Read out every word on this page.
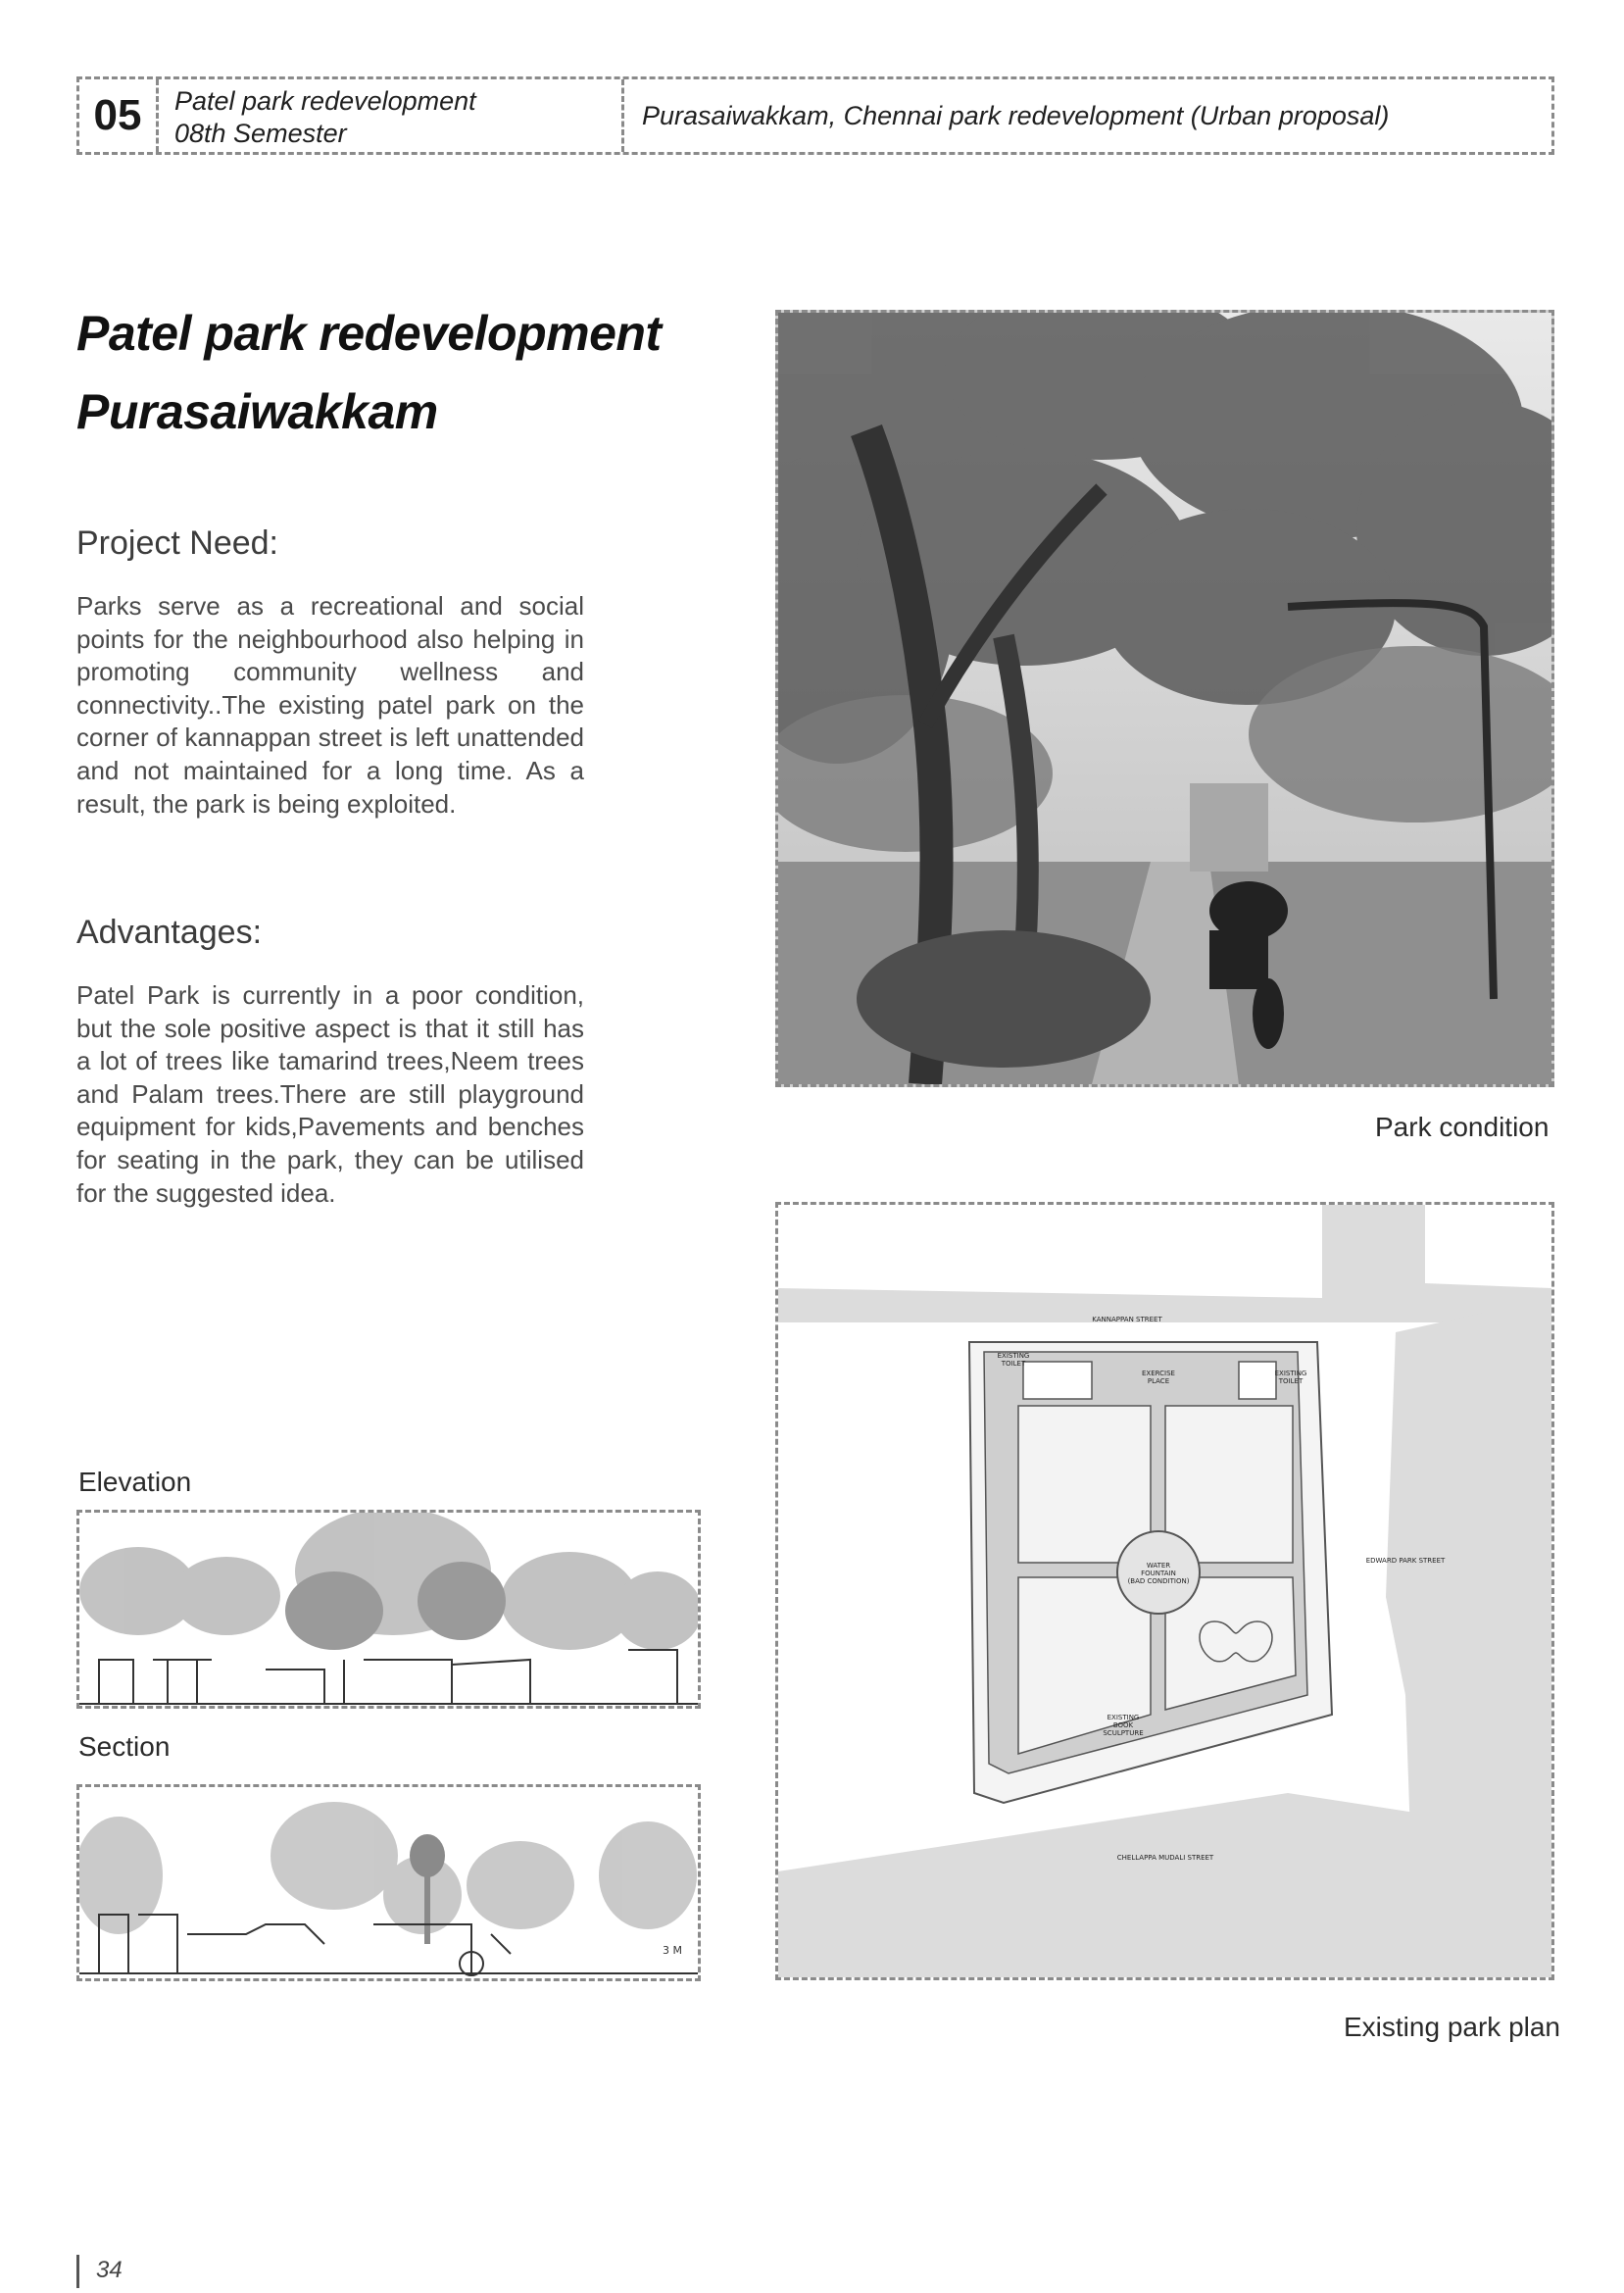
05	Patel park redevelopment
08th Semester
Purasaiwakkam, Chennai park redevelopment (Urban proposal)
Patel park redevelopment
Purasaiwakkam
Project Need:
Parks serve as a recreational and social points for the neighbourhood also helping in promoting community wellness and connectivity..The existing patel park on the corner of kannappan street is left unattended and not maintained for a long time. As a result, the park is being exploited.
Advantages:
Patel Park is currently in a poor condition, but the sole positive aspect is that it still has a lot of trees like tamarind trees,Neem trees and Palam trees.There are still playground equipment for kids,Pavements and benches for seating in the park, they can be utilised for the suggested idea.
Park condition
KANNAPPAN STREET
EXISTING
TOILET
EXISTING
TOILET
EXERCISE
PLACE
WATER
FOUNTAIN
(BAD CONDITION)
EDWARD PARK STREET
EXISTING
BOOK
SCULPTURE
CHELLAPPA MUDALI STREET
Existing park plan
Elevation
Section
3 M
34
